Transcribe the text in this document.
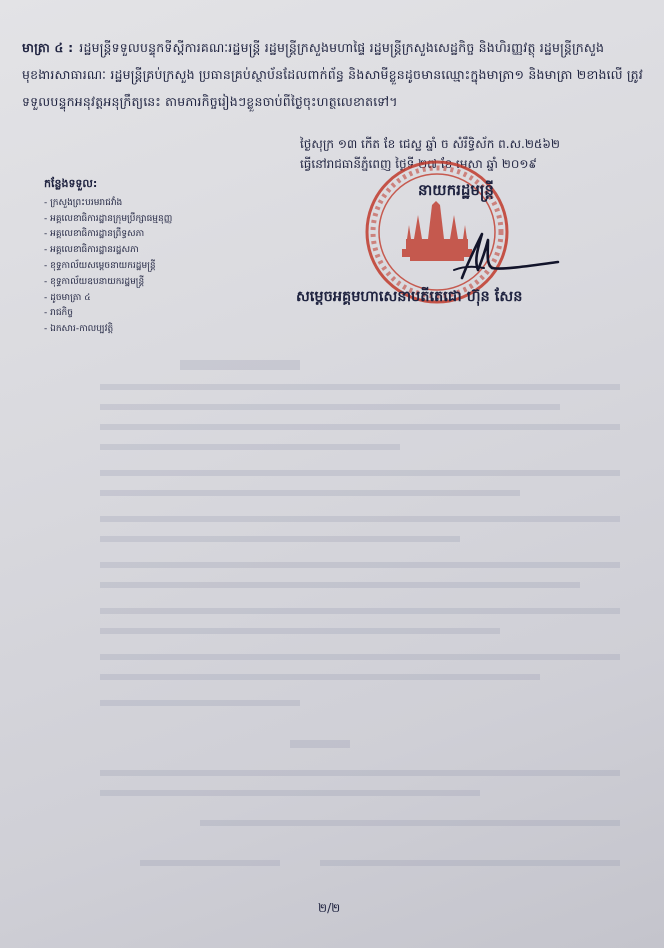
មាត្រា ៤ : រដ្ឋមន្ត្រីទទួលបន្ទុកទីស្ដីការគណៈរដ្ឋមន្ត្រី រដ្ឋមន្ត្រីក្រសួងមហាផ្ទៃ រដ្ឋមន្ត្រីក្រសួងសេដ្ឋកិច្ច និងហិរញ្ញវត្ថុ រដ្ឋមន្ត្រីក្រសួងមុខងារសាធារណៈ រដ្ឋមន្ត្រីគ្រប់ក្រសួង ប្រធានគ្រប់ស្ថាប័នដែលពាក់ព័ន្ធ និងសាមីខ្លួនដូចមានឈ្មោះក្នុងមាត្រា១ និងមាត្រា ២ខាងលើ ត្រូវទទួលបន្ទុកអនុវត្តអនុក្រឹត្យនេះ តាមភារកិច្ចរៀងៗខ្លួនចាប់ពីថ្ងៃចុះហត្ថលេខាតទៅ។
ថ្ងៃសុក្រ ១៣ កើត ខែ ជេស្ឋ ឆ្នាំ ច សំរឹទ្ធិស័ក ព.ស.២៥៦២
ធ្វើនៅរាជធានីភ្នំពេញ ថ្ងៃទី ២៧ ខែ មេសា ឆ្នាំ ២០១៩
កន្លែងទទួល:
- ក្រសួងព្រះបរមរាជវាំង
- អគ្គលេខាធិការដ្ឋានក្រុមប្រឹក្សាធម្មនុញ្ញ
- អគ្គលេខាធិការដ្ឋានព្រឹទ្ធសភា
- អគ្គលេខាធិការដ្ឋានរដ្ឋសភា
- ខុទ្ទកាល័យសម្ដេចនាយករដ្ឋមន្ត្រី
- ខុទ្ទកាល័យឧបនាយករដ្ឋមន្ត្រី
- ដូចមាត្រា ៤
- រាជកិច្ច
- ឯកសារ-កាលប្បវត្តិ
នាយករដ្ឋមន្ត្រី
សម្ដេចអគ្គមហាសេនាបតីតេជោ ហ៊ុន សែន
២/២
